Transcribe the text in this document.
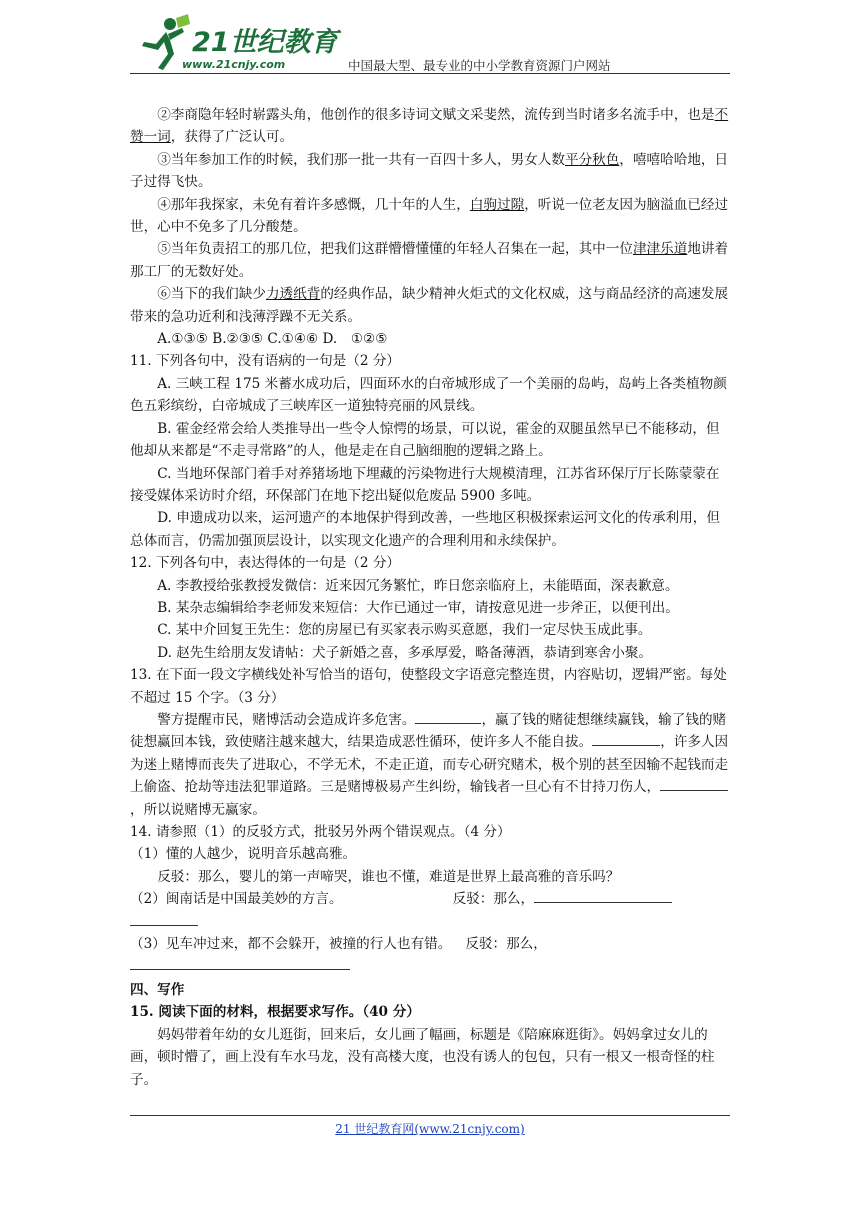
21世纪教育
www.21cnjy.com	中国最大型、最专业的中小学教育资源门户网站

②李商隐年轻时崭露头角，他创作的很多诗词文赋文采斐然，流传到当时诸多名流手中，也是不赞一词，获得了广泛认可。

③当年参加工作的时候，我们那一批一共有一百四十多人，男女人数平分秋色，嘻嘻哈哈地，日子过得飞快。

④那年我探家，未免有着许多感慨，几十年的人生，白驹过隙，听说一位老友因为脑溢血已经过世，心中不免多了几分酸楚。

⑤当年负责招工的那几位，把我们这群懵懵懂懂的年轻人召集在一起，其中一位津津乐道地讲着那工厂的无数好处。

⑥当下的我们缺少力透纸背的经典作品，缺少精神火炬式的文化权威，这与商品经济的高速发展带来的急功近利和浅薄浮躁不无关系。

A.①③⑤ B.②③⑤ C.①④⑥ D.　①②⑤

11. 下列各句中，没有语病的一句是（2 分）

A. 三峡工程 175 米蓄水成功后，四面环水的白帝城形成了一个美丽的岛屿，岛屿上各类植物颜色五彩缤纷，白帝城成了三峡库区一道独特亮丽的风景线。

B. 霍金经常会给人类推导出一些令人惊愕的场景，可以说，霍金的双腿虽然早已不能移动，但他却从来都是“不走寻常路”的人，他是走在自己脑细胞的逻辑之路上。

C. 当地环保部门着手对养猪场地下埋藏的污染物进行大规模清理，江苏省环保厅厅长陈蒙蒙在接受媒体采访时介绍，环保部门在地下挖出疑似危废品 5900 多吨。

D. 申遗成功以来，运河遗产的本地保护得到改善，一些地区积极探索运河文化的传承利用，但总体而言，仍需加强顶层设计，以实现文化遗产的合理利用和永续保护。

12. 下列各句中，表达得体的一句是（2 分）

A. 李教授给张教授发微信：近来因冗务繁忙，昨日您亲临府上，未能晤面，深表歉意。

B. 某杂志编辑给李老师发来短信：大作已通过一审，请按意见进一步斧正，以便刊出。

C. 某中介回复王先生：您的房屋已有买家表示购买意愿，我们一定尽快玉成此事。

D. 赵先生给朋友发请帖：犬子新婚之喜，多承厚爱，略备薄酒，恭请到寒舍小聚。

13. 在下面一段文字横线处补写恰当的语句，使整段文字语意完整连贯，内容贴切，逻辑严密。每处不超过 15 个字。（3 分）

警方提醒市民，赌博活动会造成许多危害。	，赢了钱的赌徒想继续赢钱，输了钱的赌徒想赢回本钱，致使赌注越来越大，结果造成恶性循环，使许多人不能自拔。	，许多人因为迷上赌博而丧失了进取心，不学无术，不走正道，而专心研究赌术，极个别的甚至因输不起钱而走上偷盗、抢劫等违法犯罪道路。三是赌博极易产生纠纷，输钱者一旦心有不甘持刀伤人，，所以说赌博无赢家。

14. 请参照（1）的反驳方式，批驳另外两个错误观点。（4 分）

（1）懂的人越少，说明音乐越高雅。

反驳：那么，婴儿的第一声啼哭，谁也不懂，难道是世界上最高雅的音乐吗？

（2）闽南话是中国最美妙的方言。	反驳：那么，

（3）见车冲过来，都不会躲开，被撞的行人也有错。 反驳：那么，

四、写作

15. 阅读下面的材料，根据要求写作。（40 分）

妈妈带着年幼的女儿逛街，回来后，女儿画了幅画，标题是《陪麻麻逛街》。妈妈拿过女儿的画，顿时懵了，画上没有车水马龙，没有高楼大度，也没有诱人的包包，只有一根又一根奇怪的柱子。

21 世纪教育网(www.21cnjy.com)
